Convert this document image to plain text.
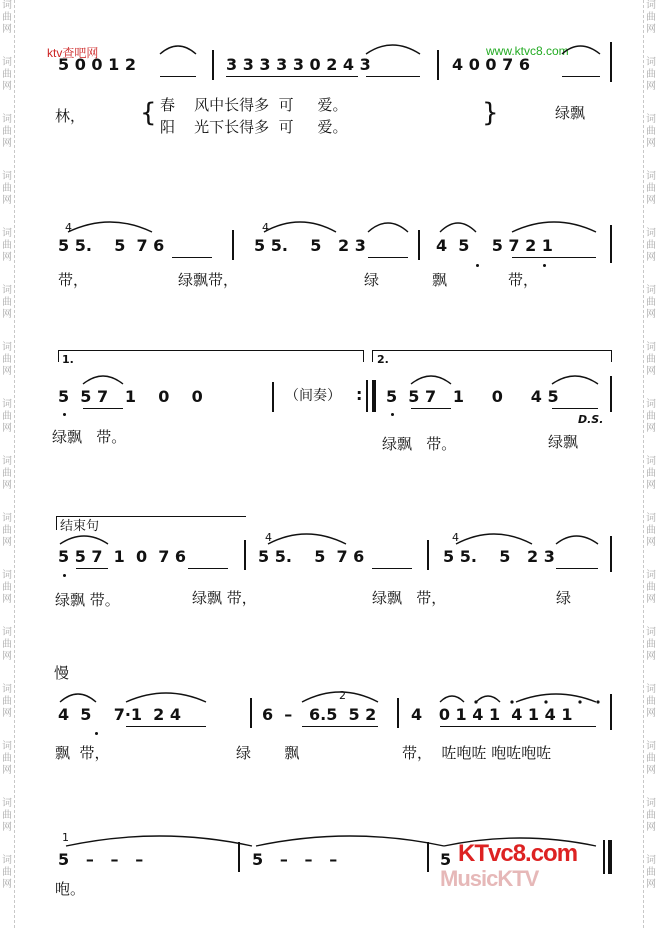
词
曲
网
词
曲
网
词
曲
网
词
曲
网
词
曲
网
词
曲
网
词
曲
网
词
曲
网
词
曲
网
词
曲
网
词
曲
网
词
曲
网
词
曲
网
词
曲
网
词
曲
网
词
曲
网
词
曲
网
词
曲
网
词
曲
网
词
曲
网
词
曲
网
词
曲
网
词
曲
网
词
曲
网
词
曲
网
词
曲
网
词
曲
网
词
曲
网
词
曲
网
词
曲
网
词
曲
网
词
曲
网
ktv查吧网	www.ktvc8.com
5 0 0 1 2	3 3 3 3 3 0 2 4 3	4 0 0 7 6
林， { 春    风中长得多  可     爱。
阳    光下长得多  可     爱。	}	绿飘
4	4
5 5.    5  7 6	5 5.    5   2 3	4  5    5 7 2 1
带，	绿飘带，	绿	飘	带，
1.	2.
5  5 7   1    0    0	（间奏） : 5  5 7   1     0     4 5
D.S.
绿飘   带。	绿飘   带。	绿飘
结束句
4	4
5 5 7  1  0  7 6	5 5.    5  7 6	5 5.    5   2 3
绿飘 带。	绿飘 带，	绿飘   带，	绿
慢
2
4  5    7·1  2 4	6  –   6.5  5 2 4   0 1 4 1  4 1 4 1
飘  带，	绿       飘	带，  咗咆咗 咆咗咆咗
1
5   –   –   –	5   –   –   –	5
咆。
KTvc8.com
MusicKTV
